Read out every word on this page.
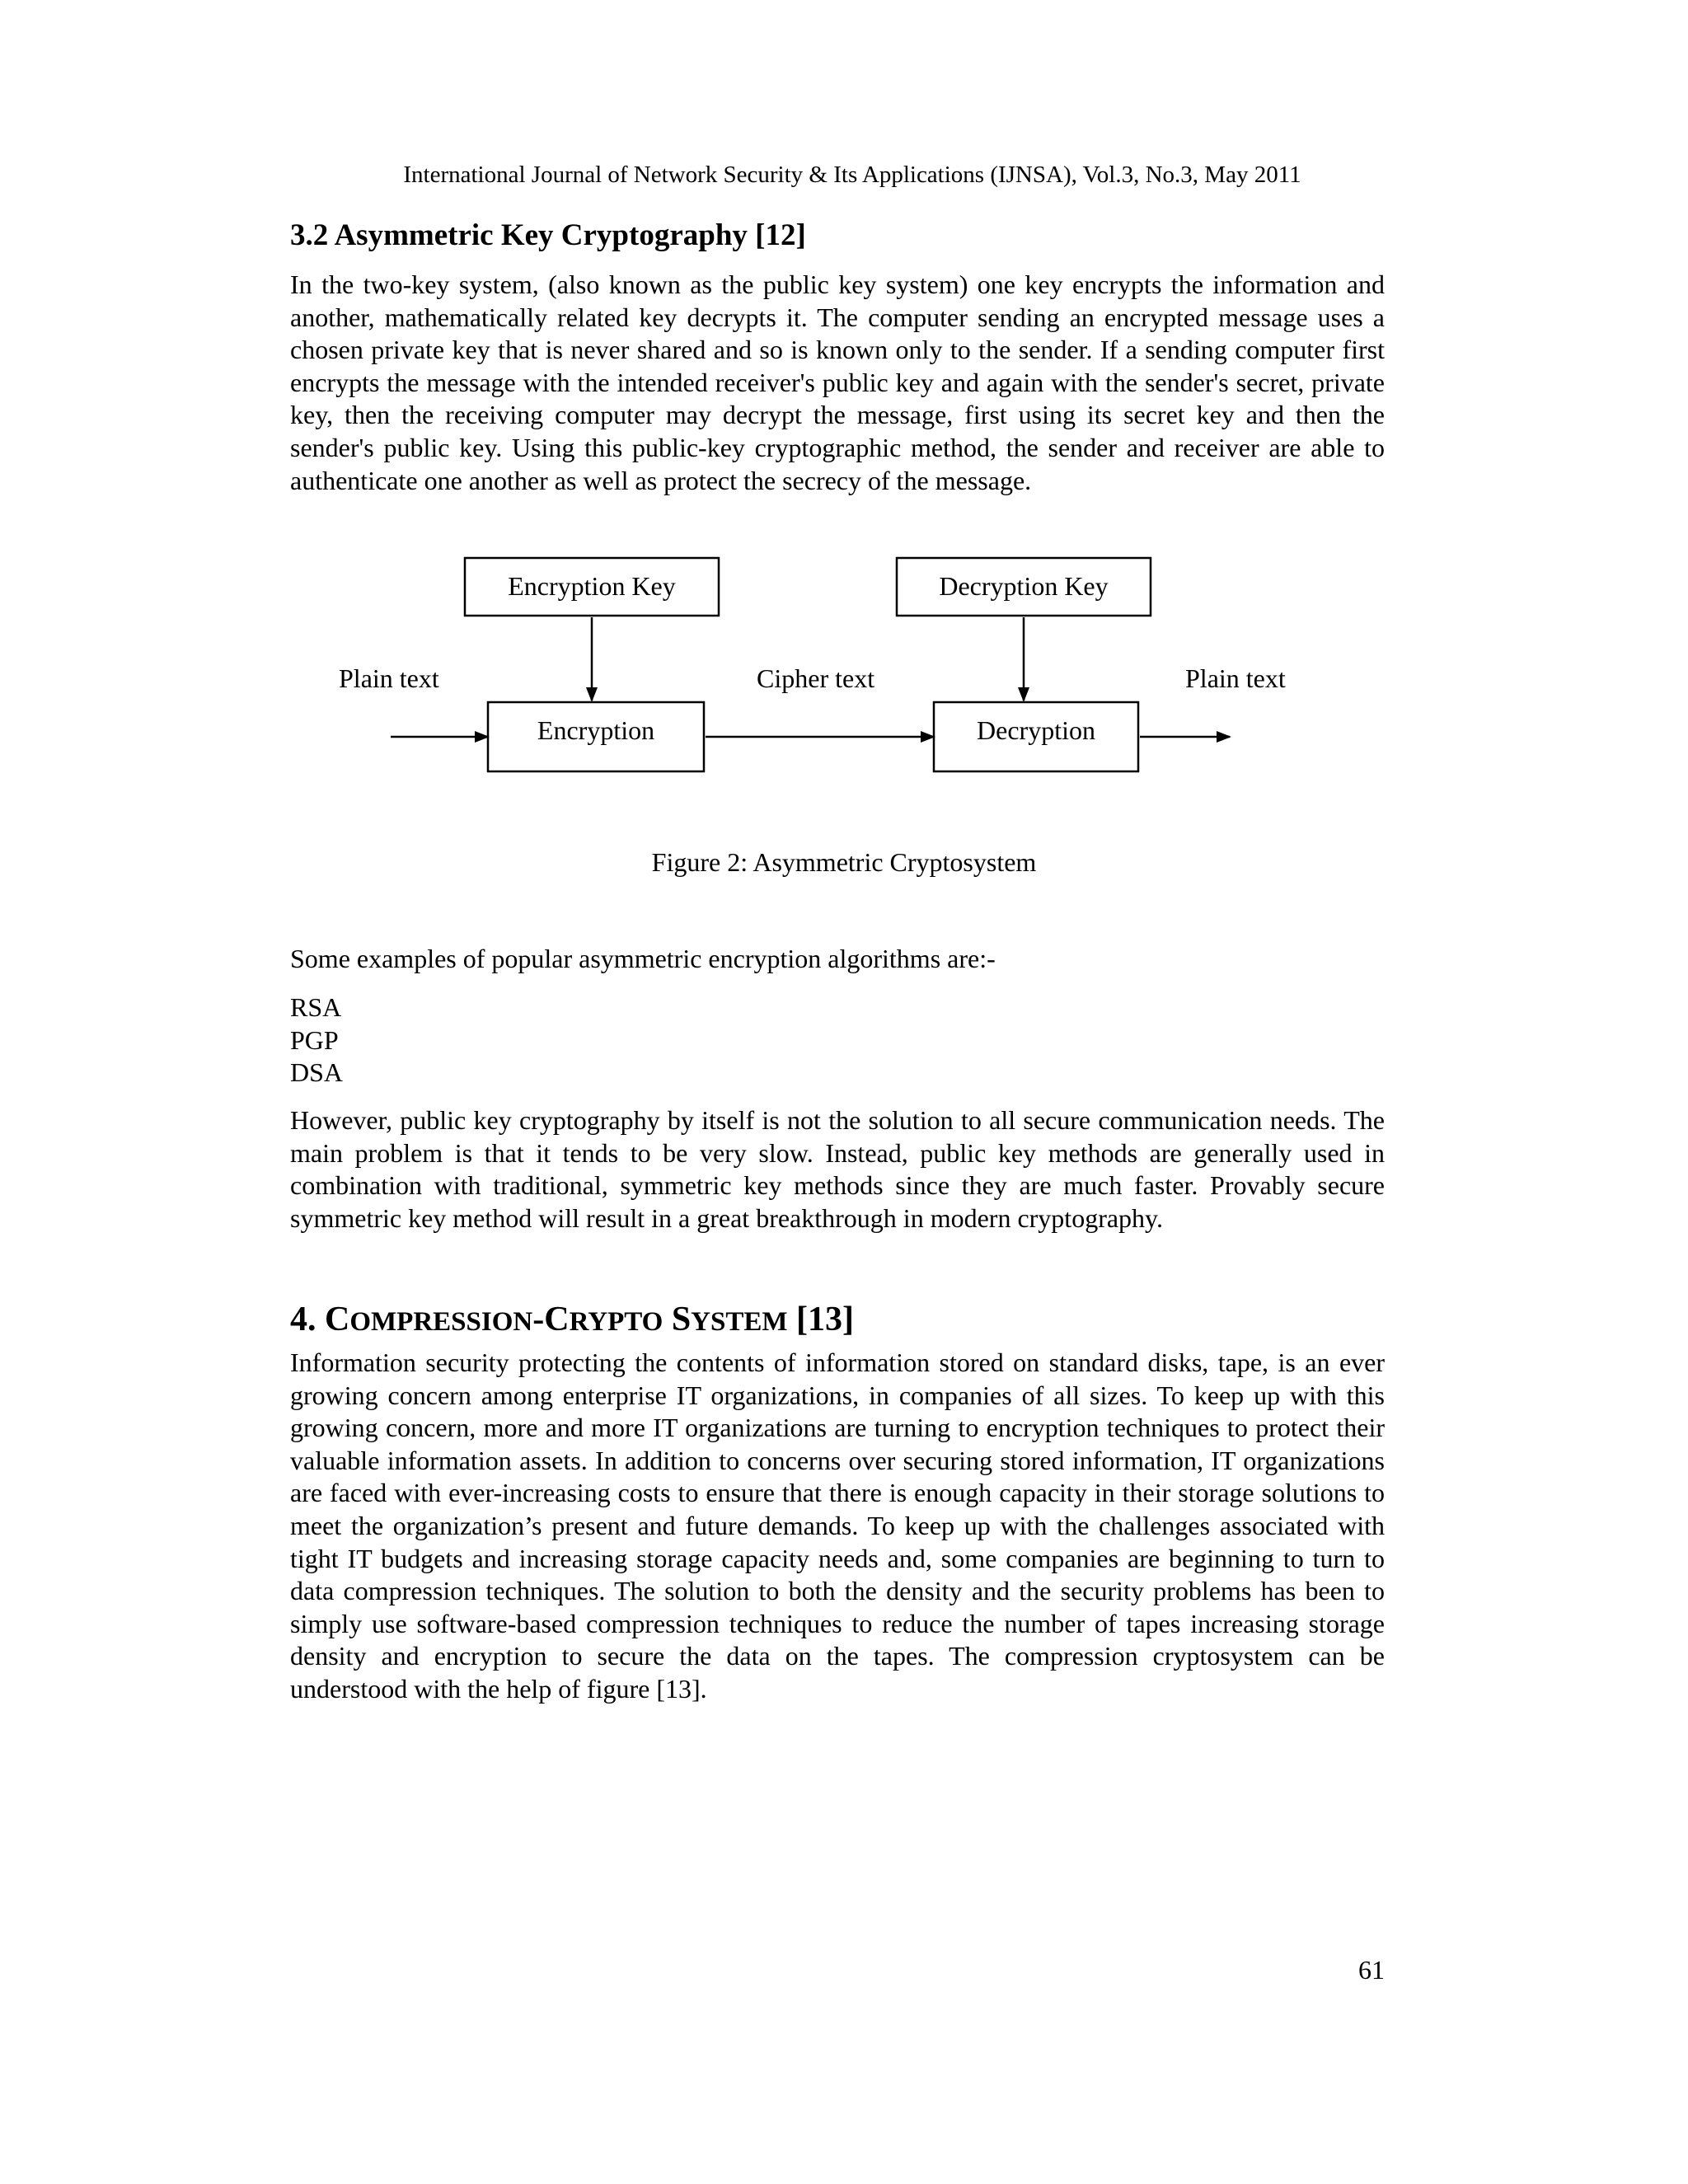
International Journal of Network Security & Its Applications (IJNSA), Vol.3, No.3, May 2011
3.2 Asymmetric Key Cryptography [12]
In the two-key system, (also known as the public key system) one key encrypts the information and another, mathematically related key decrypts it. The computer sending an encrypted message uses a chosen private key that is never shared and so is known only to the sender. If a sending computer first encrypts the message with the intended receiver's public key and again with the sender's secret, private key, then the receiving computer may decrypt the message, first using its secret key and then the sender's public key. Using this public-key cryptographic method, the sender and receiver are able to authenticate one another as well as protect the secrecy of the message.
Encryption Key	Decryption Key
Plain text	Cipher text	Plain text
Encryption	Decryption
Figure 2: Asymmetric Cryptosystem
Some examples of popular asymmetric encryption algorithms are:-
RSA
PGP
DSA
However, public key cryptography by itself is not the solution to all secure communication needs. The main problem is that it tends to be very slow. Instead, public key methods are generally used in combination with traditional, symmetric key methods since they are much faster. Provably secure symmetric key method will result in a great breakthrough in modern cryptography.
4. COMPRESSION-CRYPTO SYSTEM [13]
Information security protecting the contents of information stored on standard disks, tape, is an ever growing concern among enterprise IT organizations, in companies of all sizes. To keep up with this growing concern, more and more IT organizations are turning to encryption techniques to protect their valuable information assets. In addition to concerns over securing stored information, IT organizations are faced with ever-increasing costs to ensure that there is enough capacity in their storage solutions to meet the organization’s present and future demands. To keep up with the challenges associated with tight IT budgets and increasing storage capacity needs and, some companies are beginning to turn to data compression techniques. The solution to both the density and the security problems has been to simply use software-based compression techniques to reduce the number of tapes increasing storage density and encryption to secure the data on the tapes. The compression cryptosystem can be understood with the help of figure [13].
61
